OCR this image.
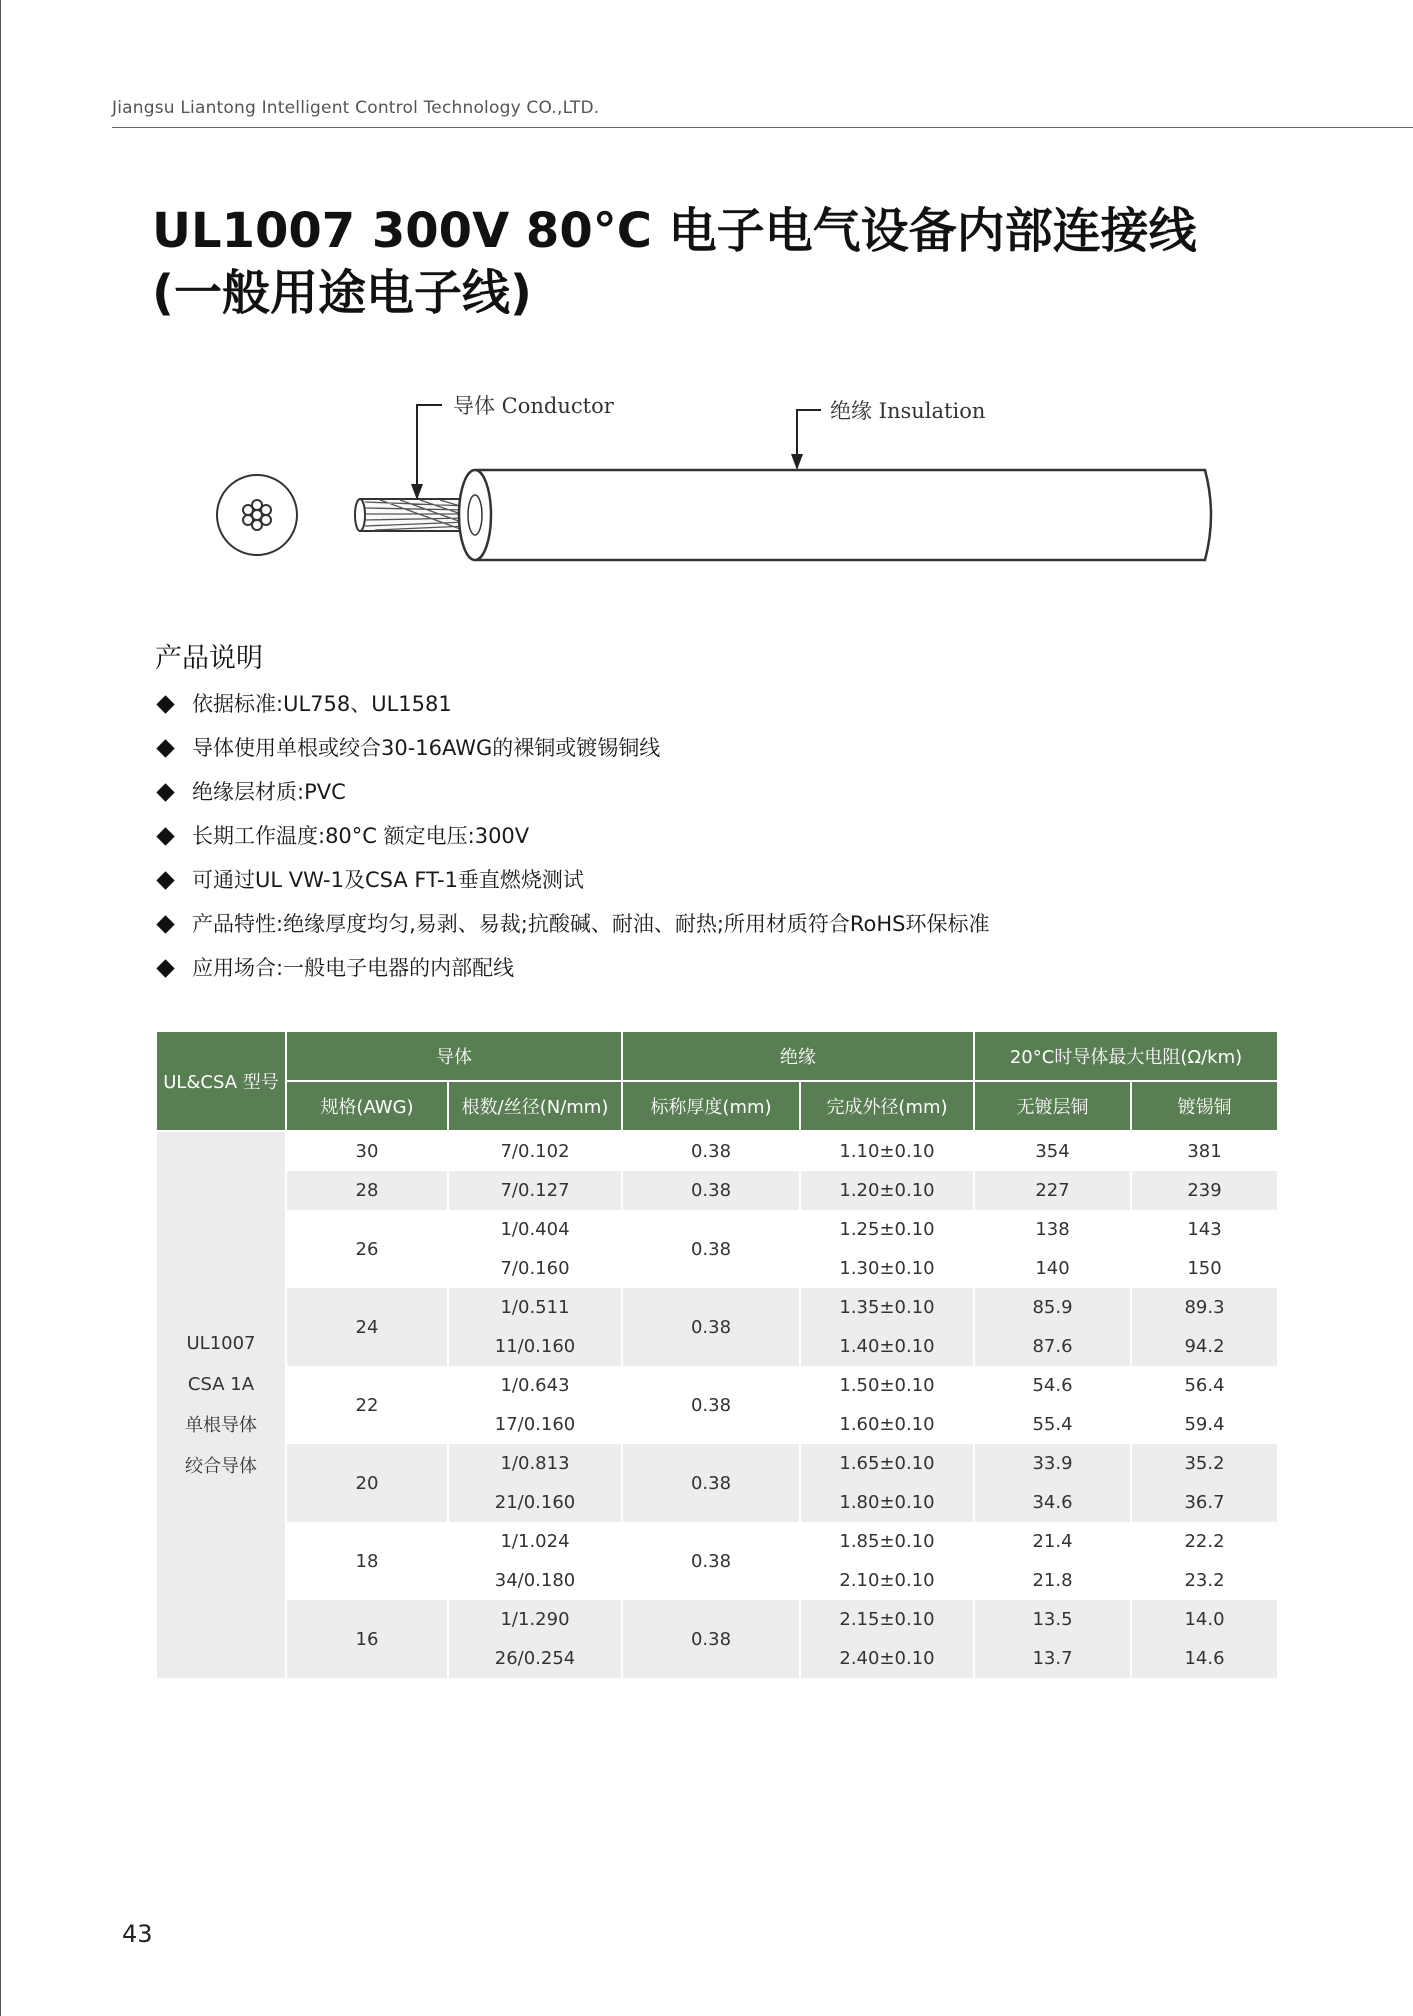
Jiangsu Liantong Intelligent Control Technology CO.,LTD.
UL1007 300V 80°C 电子电气设备内部连接线
(一般用途电子线)
导体 Conductor	绝缘 Insulation
产品说明
依据标准:UL758、UL1581
导体使用单根或绞合30-16AWG的裸铜或镀锡铜线
绝缘层材质:PVC
长期工作温度:80°C 额定电压:300V
可通过UL VW-1及CSA FT-1垂直燃烧测试
产品特性:绝缘厚度均匀,易剥、易裁;抗酸碱、耐油、耐热;所用材质符合RoHS环保标准
应用场合:一般电子电器的内部配线
UL&CSA 型号	导体		绝缘		20°C时导体最大电阻(Ω/km)	
	规格(AWG)	根数/丝径(N/mm)	标称厚度(mm)	完成外径(mm)	无镀层铜	镀锡铜

UL1007
CSA 1A
单根导体
绞合导体	30	7/0.102	0.38	1.10±0.10	354	381
	28	7/0.127	0.38	1.20±0.10	227	239
	26	1/0.404	0.38	1.25±0.10	138	143
		7/0.160		1.30±0.10	140	150
	24	1/0.511	0.38	1.35±0.10	85.9	89.3
		11/0.160		1.40±0.10	87.6	94.2
	22	1/0.643	0.38	1.50±0.10	54.6	56.4
		17/0.160		1.60±0.10	55.4	59.4
	20	1/0.813	0.38	1.65±0.10	33.9	35.2
		21/0.160		1.80±0.10	34.6	36.7
	18	1/1.024	0.38	1.85±0.10	21.4	22.2
		34/0.180		2.10±0.10	21.8	23.2
	16	1/1.290	0.38	2.15±0.10	13.5	14.0
		26/0.254		2.40±0.10	13.7	14.6
43
